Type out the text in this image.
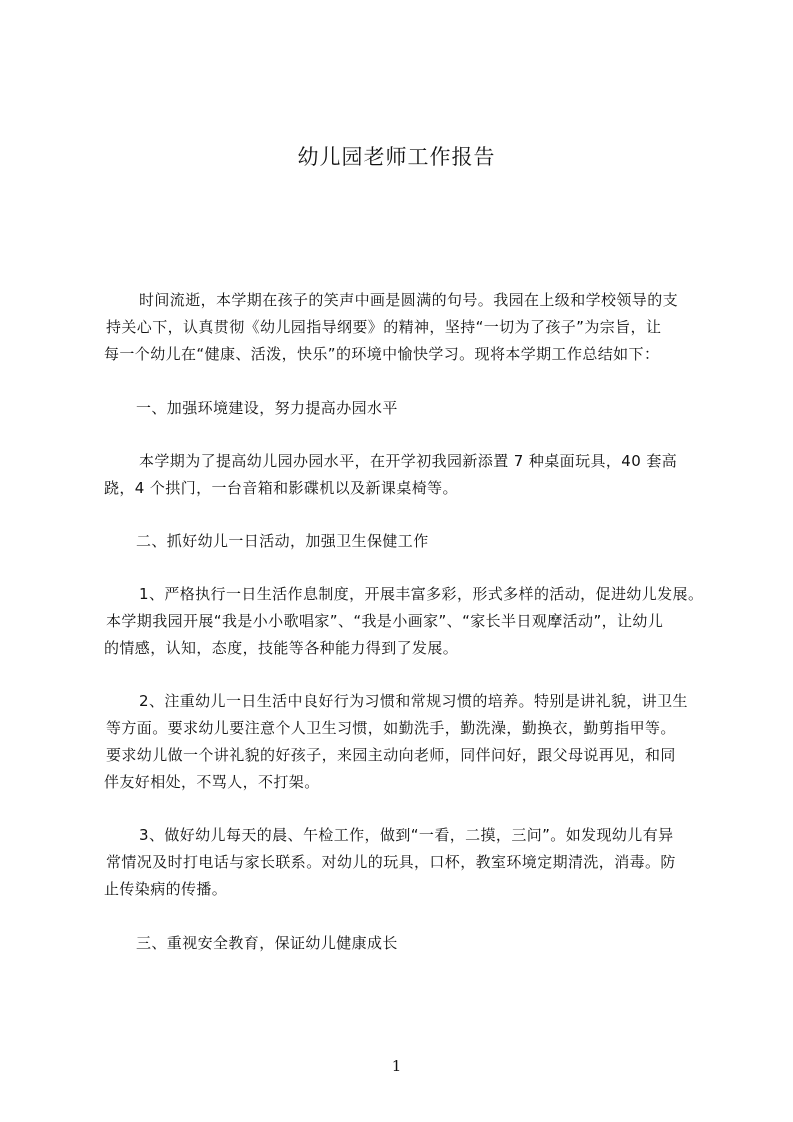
幼儿园老师工作报告
时间流逝，本学期在孩子的笑声中画是圆满的句号。我园在上级和学校领导的支
持关心下，认真贯彻《幼儿园指导纲要》的精神，坚持“一切为了孩子”为宗旨，让
每一个幼儿在“健康、活泼，快乐”的环境中愉快学习。现将本学期工作总结如下：
一、加强环境建设，努力提高办园水平
本学期为了提高幼儿园办园水平，在开学初我园新添置 7 种桌面玩具，40 套高
跷，4 个拱门，一台音箱和影碟机以及新课桌椅等。
二、抓好幼儿一日活动，加强卫生保健工作
1、严格执行一日生活作息制度，开展丰富多彩，形式多样的活动，促进幼儿发展。
本学期我园开展“我是小小歌唱家”、“我是小画家”、“家长半日观摩活动”，让幼儿
的情感，认知，态度，技能等各种能力得到了发展。
2、注重幼儿一日生活中良好行为习惯和常规习惯的培养。特别是讲礼貌，讲卫生
等方面。要求幼儿要注意个人卫生习惯，如勤洗手，勤洗澡，勤换衣，勤剪指甲等。
要求幼儿做一个讲礼貌的好孩子，来园主动向老师，同伴问好，跟父母说再见，和同
伴友好相处，不骂人，不打架。
3、做好幼儿每天的晨、午检工作，做到“一看，二摸，三问”。如发现幼儿有异
常情况及时打电话与家长联系。对幼儿的玩具，口杯，教室环境定期清洗，消毒。防
止传染病的传播。
三、重视安全教育，保证幼儿健康成长
1
